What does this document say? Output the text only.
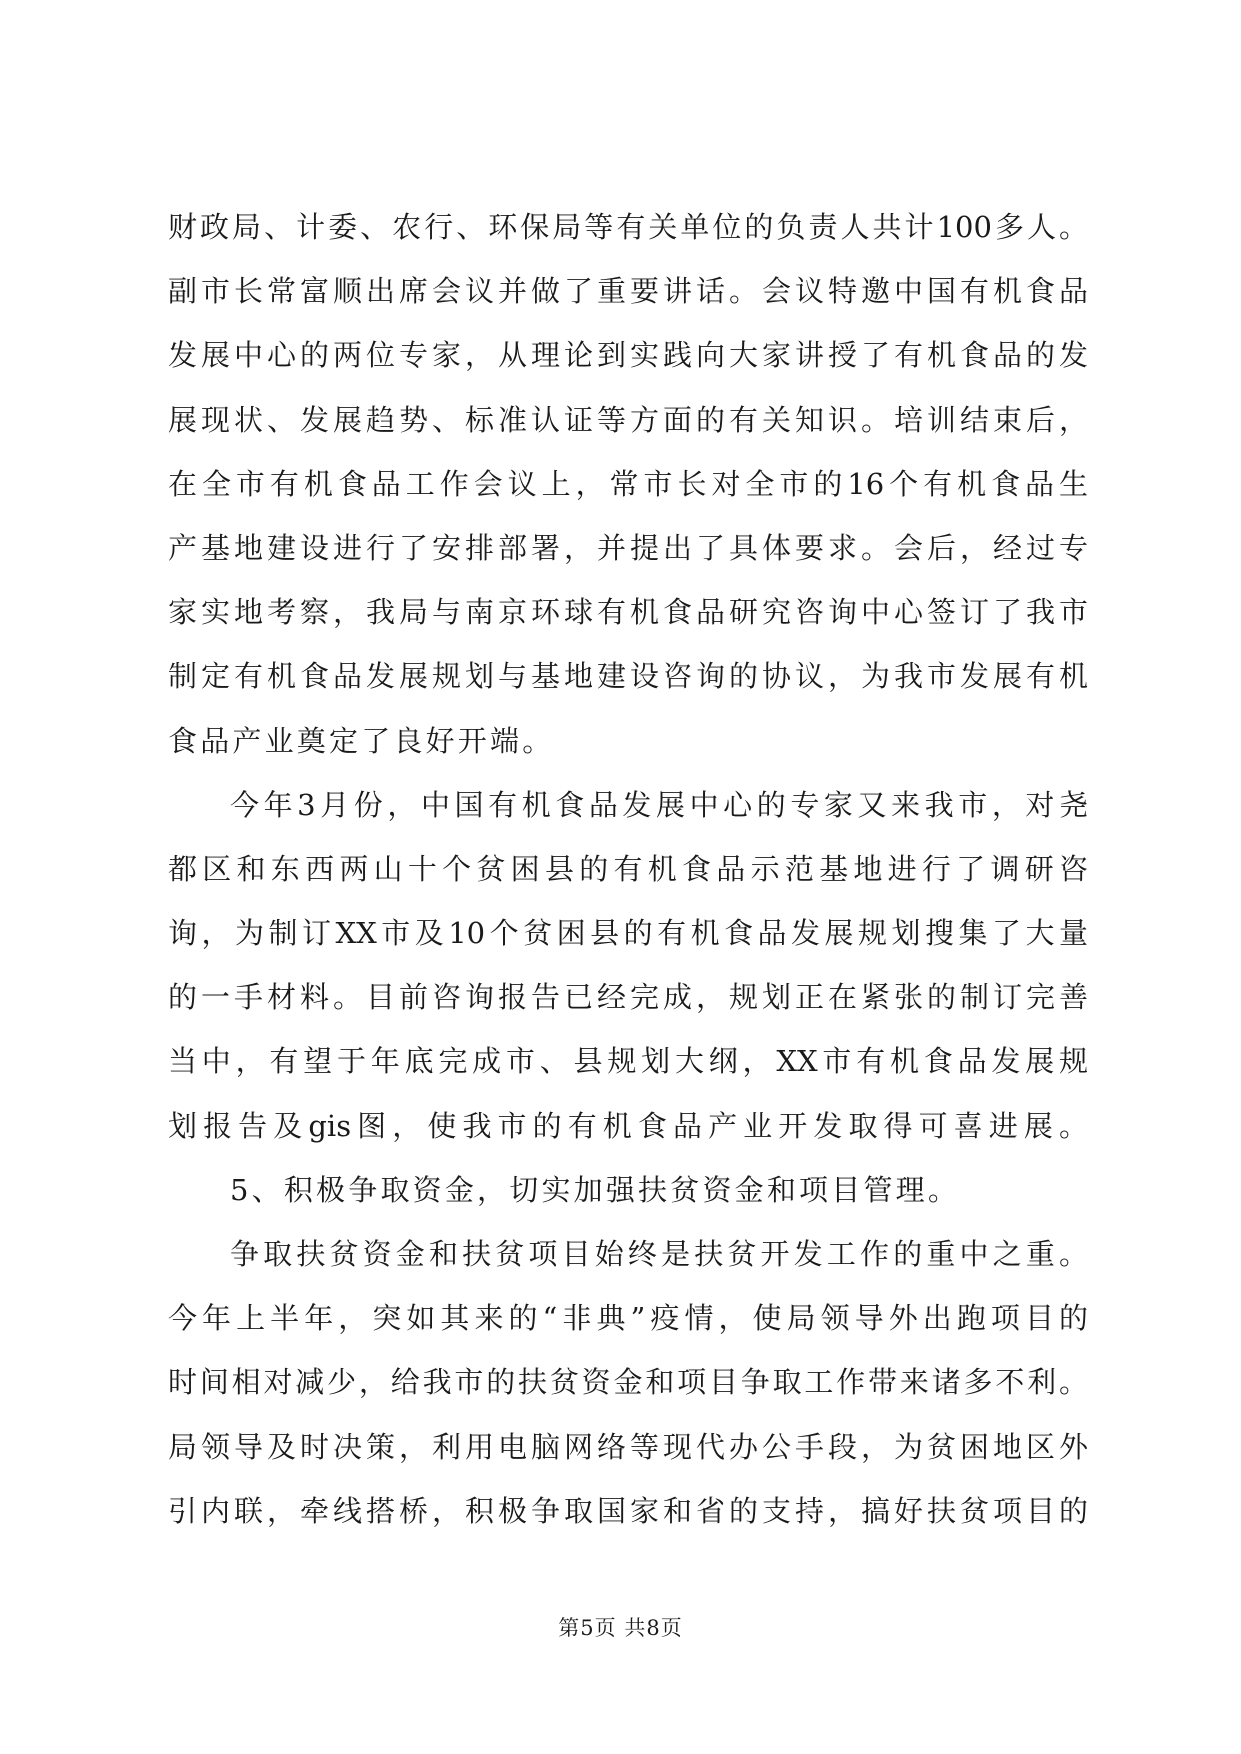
财政局、计委、农行、环保局等有关单位的负责人共计100多人。
副市长常富顺出席会议并做了重要讲话。会议特邀中国有机食品
发展中心的两位专家，从理论到实践向大家讲授了有机食品的发
展现状、发展趋势、标准认证等方面的有关知识。培训结束后，
在全市有机食品工作会议上，常市长对全市的16个有机食品生
产基地建设进行了安排部署，并提出了具体要求。会后，经过专
家实地考察，我局与南京环球有机食品研究咨询中心签订了我市
制定有机食品发展规划与基地建设咨询的协议，为我市发展有机
食品产业奠定了良好开端。
今年3月份，中国有机食品发展中心的专家又来我市，对尧
都区和东西两山十个贫困县的有机食品示范基地进行了调研咨
询，为制订XX市及10个贫困县的有机食品发展规划搜集了大量
的一手材料。目前咨询报告已经完成，规划正在紧张的制订完善
当中，有望于年底完成市、县规划大纲，XX市有机食品发展规
划报告及gis图，使我市的有机食品产业开发取得可喜进展。
5、积极争取资金，切实加强扶贫资金和项目管理。
争取扶贫资金和扶贫项目始终是扶贫开发工作的重中之重。
今年上半年，突如其来的“非典”疫情，使局领导外出跑项目的
时间相对减少，给我市的扶贫资金和项目争取工作带来诸多不利。
局领导及时决策，利用电脑网络等现代办公手段，为贫困地区外
引内联，牵线搭桥，积极争取国家和省的支持，搞好扶贫项目的
第5页 共8页
